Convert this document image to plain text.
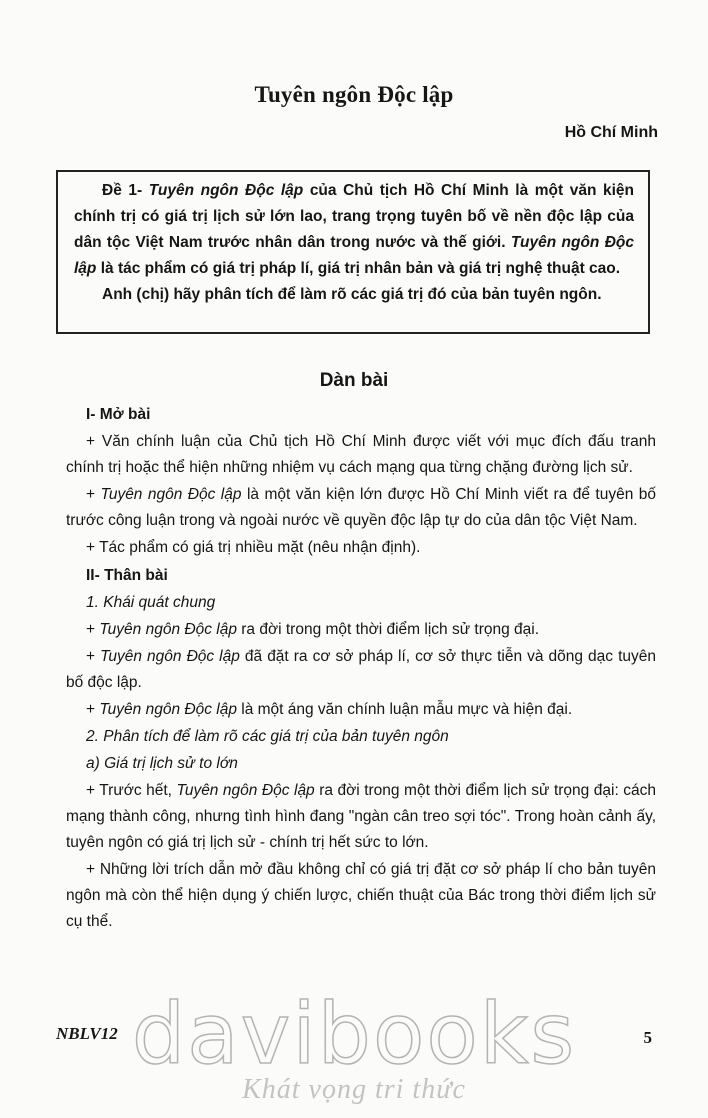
Tuyên ngôn Độc lập
Hồ Chí Minh

Đề 1- Tuyên ngôn Độc lập của Chủ tịch Hồ Chí Minh là một văn kiện chính trị có giá trị lịch sử lớn lao, trang trọng tuyên bố về nền độc lập của dân tộc Việt Nam trước nhân dân trong nước và thế giới. Tuyên ngôn Độc lập là tác phẩm có giá trị pháp lí, giá trị nhân bản và giá trị nghệ thuật cao.

Anh (chị) hãy phân tích để làm rõ các giá trị đó của bản tuyên ngôn.

Dàn bài

I- Mở bài

+ Văn chính luận của Chủ tịch Hồ Chí Minh được viết với mục đích đấu tranh chính trị hoặc thể hiện những nhiệm vụ cách mạng qua từng chặng đường lịch sử.

+ Tuyên ngôn Độc lập là một văn kiện lớn được Hồ Chí Minh viết ra để tuyên bố trước công luận trong và ngoài nước về quyền độc lập tự do của dân tộc Việt Nam.

+ Tác phẩm có giá trị nhiều mặt (nêu nhận định).

II- Thân bài

1. Khái quát chung

+ Tuyên ngôn Độc lập ra đời trong một thời điểm lịch sử trọng đại.

+ Tuyên ngôn Độc lập đã đặt ra cơ sở pháp lí, cơ sở thực tiễn và dõng dạc tuyên bố độc lập.

+ Tuyên ngôn Độc lập là một áng văn chính luận mẫu mực và hiện đại.

2. Phân tích để làm rõ các giá trị của bản tuyên ngôn

a) Giá trị lịch sử to lớn

+ Trước hết, Tuyên ngôn Độc lập ra đời trong một thời điểm lịch sử trọng đại: cách mạng thành công, nhưng tình hình đang "ngàn cân treo sợi tóc". Trong hoàn cảnh ấy, tuyên ngôn có giá trị lịch sử - chính trị hết sức to lớn.

+ Những lời trích dẫn mở đầu không chỉ có giá trị đặt cơ sở pháp lí cho bản tuyên ngôn mà còn thể hiện dụng ý chiến lược, chiến thuật của Bác trong thời điểm lịch sử cụ thể.

davibooks
Khát vọng tri thức
NBLV12	5
